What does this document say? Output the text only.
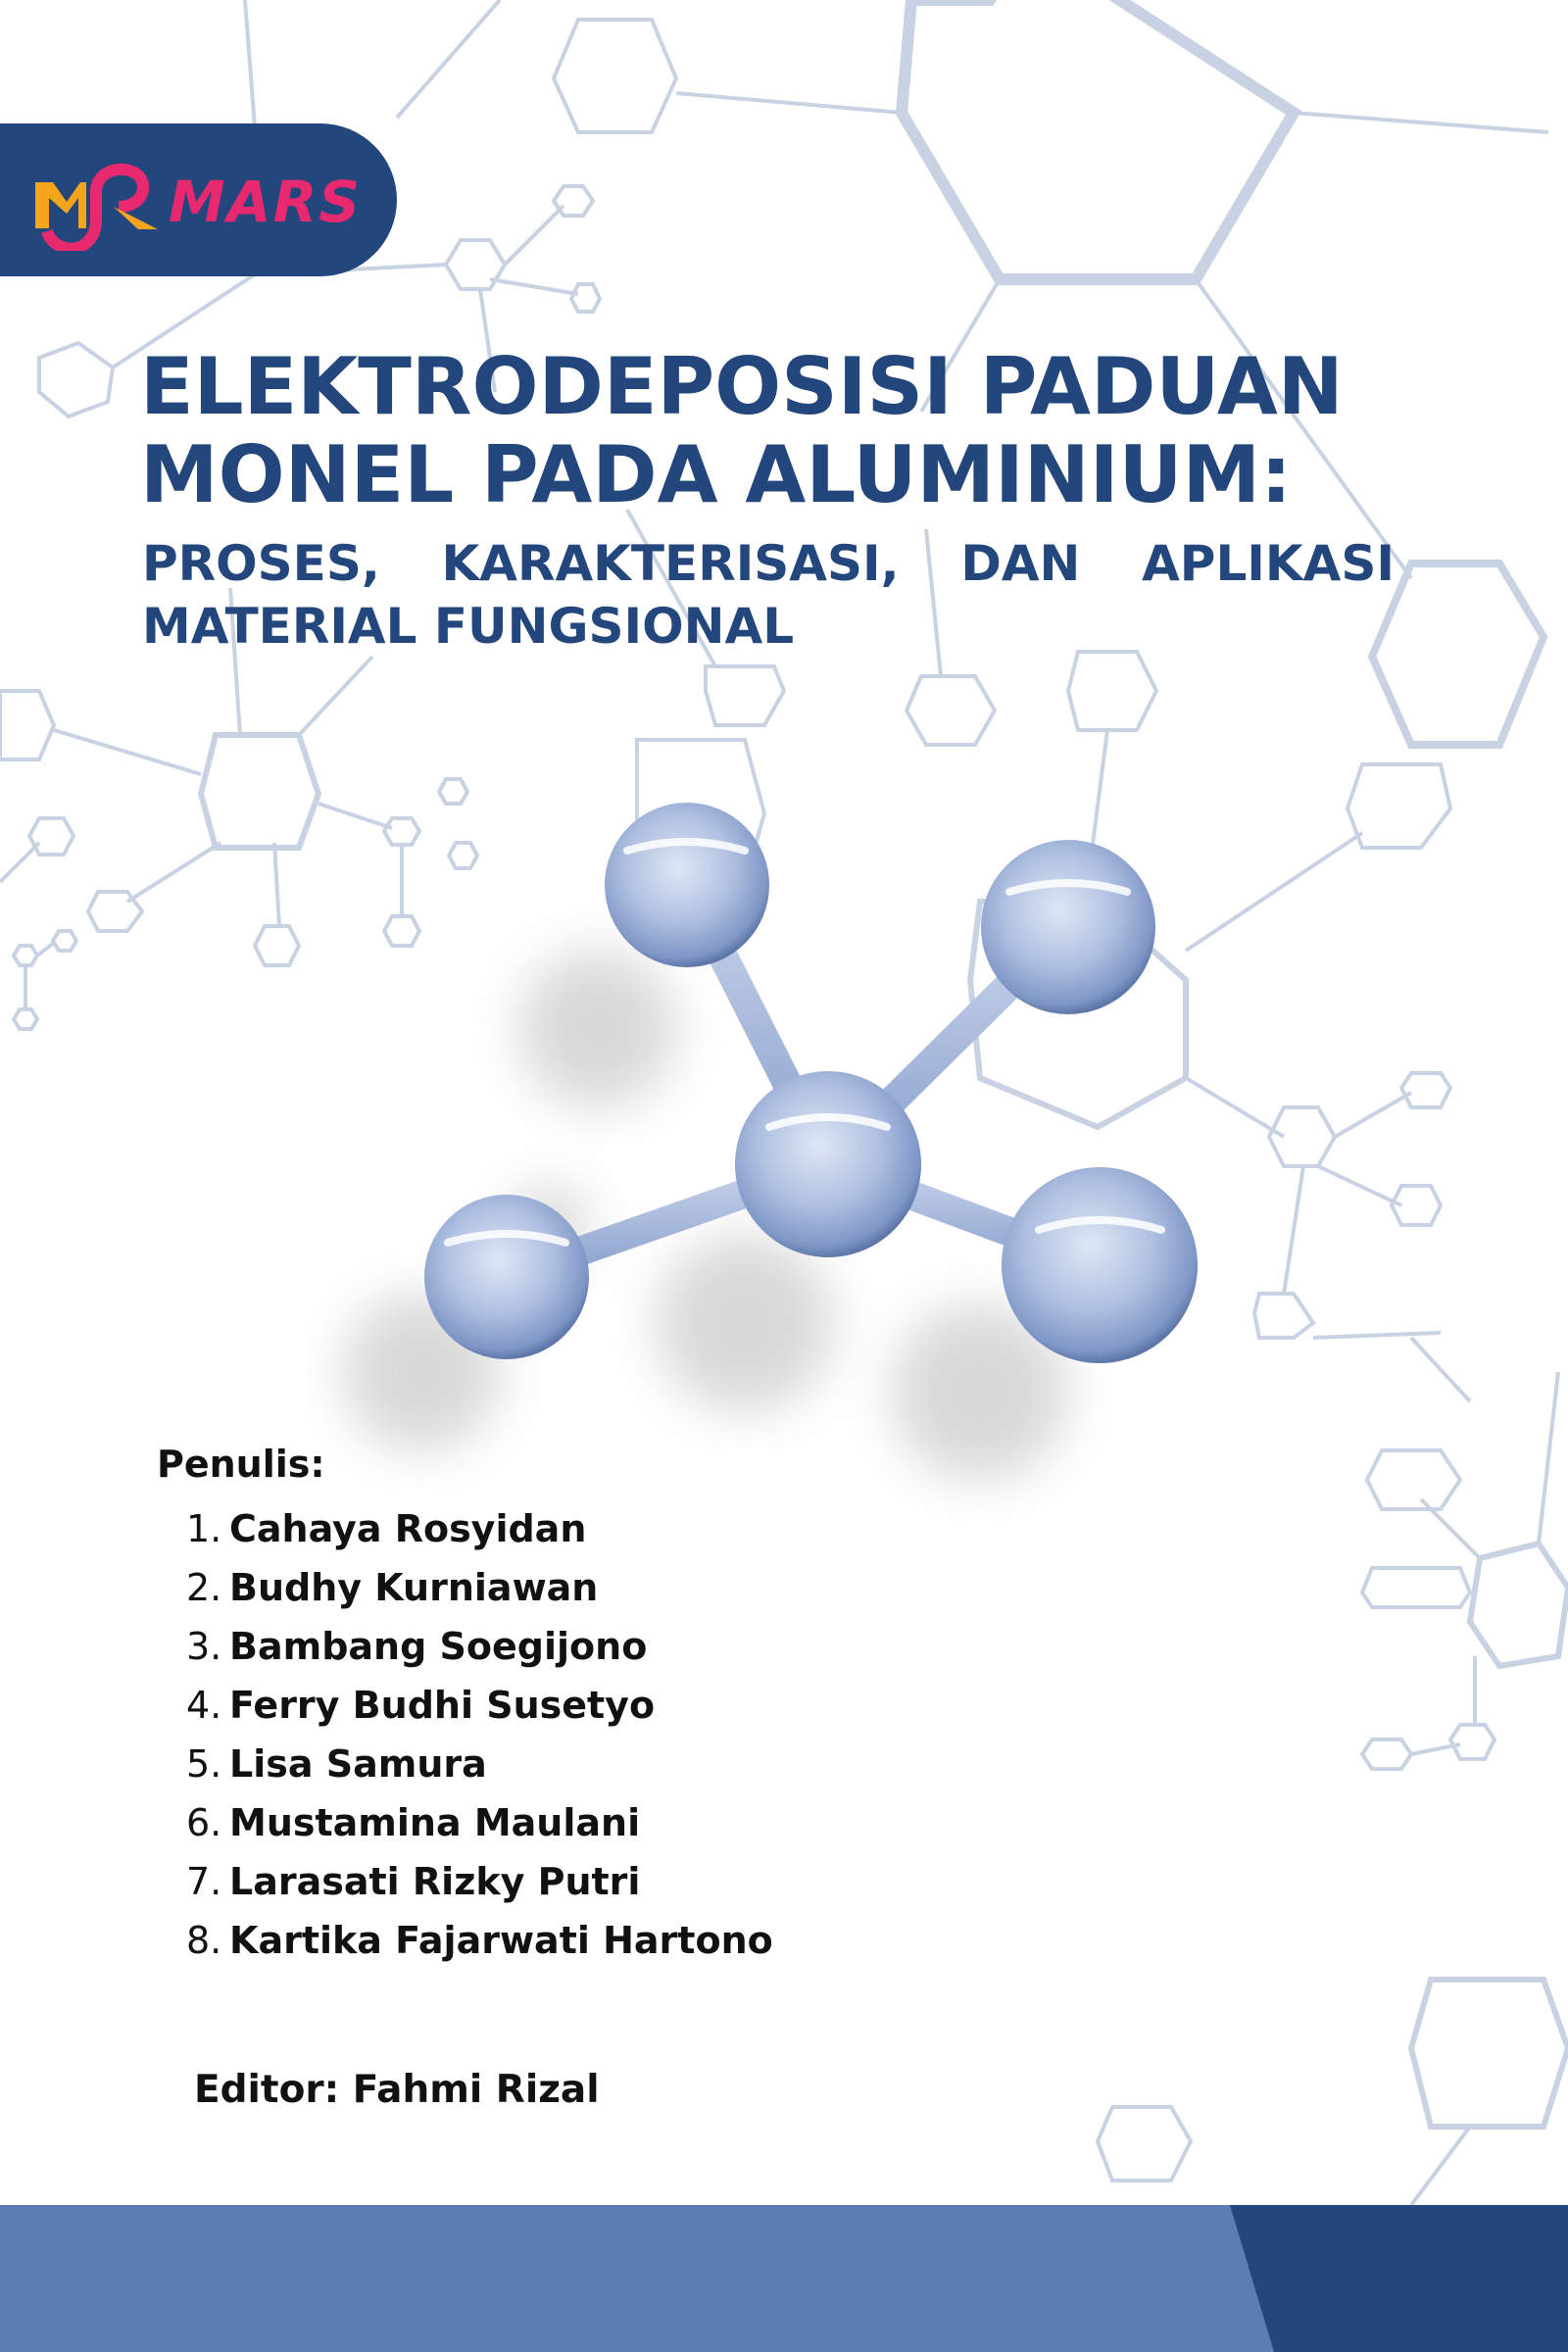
MARS
ELEKTRODEPOSISI PADUAN
MONEL PADA ALUMINIUM:
PROSES, KARAKTERISASI, DAN APLIKASI
MATERIAL FUNGSIONAL
Penulis:
1. Cahaya Rosyidan
2. Budhy Kurniawan
3. Bambang Soegijono
4. Ferry Budhi Susetyo
5. Lisa Samura
6. Mustamina Maulani
7. Larasati Rizky Putri
8. Kartika Fajarwati Hartono
Editor: Fahmi Rizal
